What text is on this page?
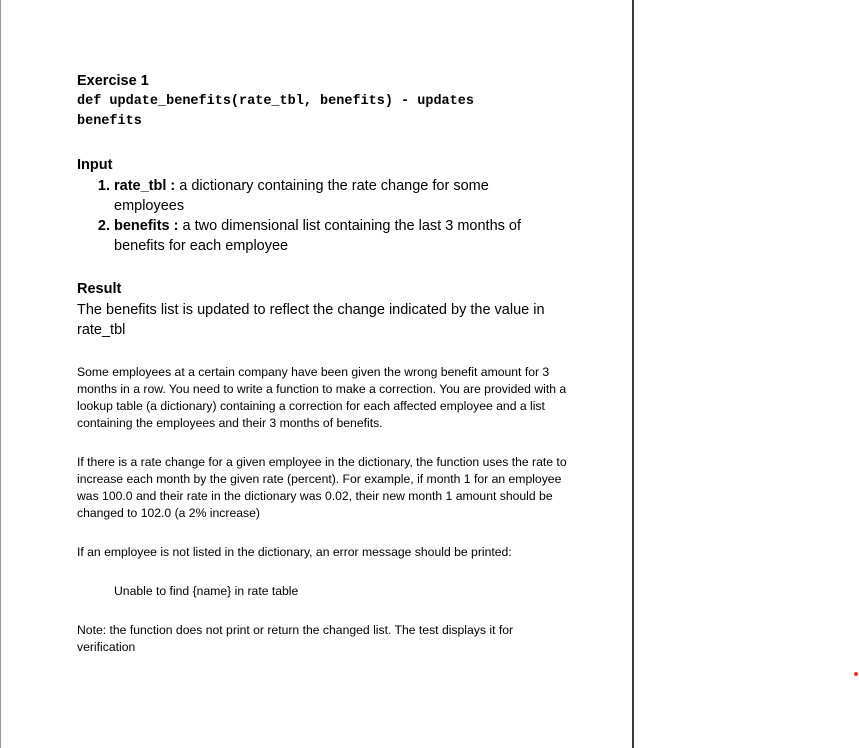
Exercise 1

def update_benefits(rate_tbl, benefits) - updates benefits

Input

1. rate_tbl : a dictionary containing the rate change for some employees
2. benefits : a two dimensional list containing the last 3 months of benefits for each employee

Result

The benefits list is updated to reflect the change indicated by the value in rate_tbl

Some employees at a certain company have been given the wrong benefit amount for 3 months in a row. You need to write a function to make a correction. You are provided with a lookup table (a dictionary) containing a correction for each affected employee and a list containing the employees and their 3 months of benefits.

If there is a rate change for a given employee in the dictionary, the function uses the rate to increase each month by the given rate (percent). For example, if month 1 for an employee was 100.0 and their rate in the dictionary was 0.02, their new month 1 amount should be changed to 102.0 (a 2% increase)

If an employee is not listed in the dictionary, an error message should be printed:

Unable to find {name} in rate table

Note: the function does not print or return the changed list. The test displays it for verification
